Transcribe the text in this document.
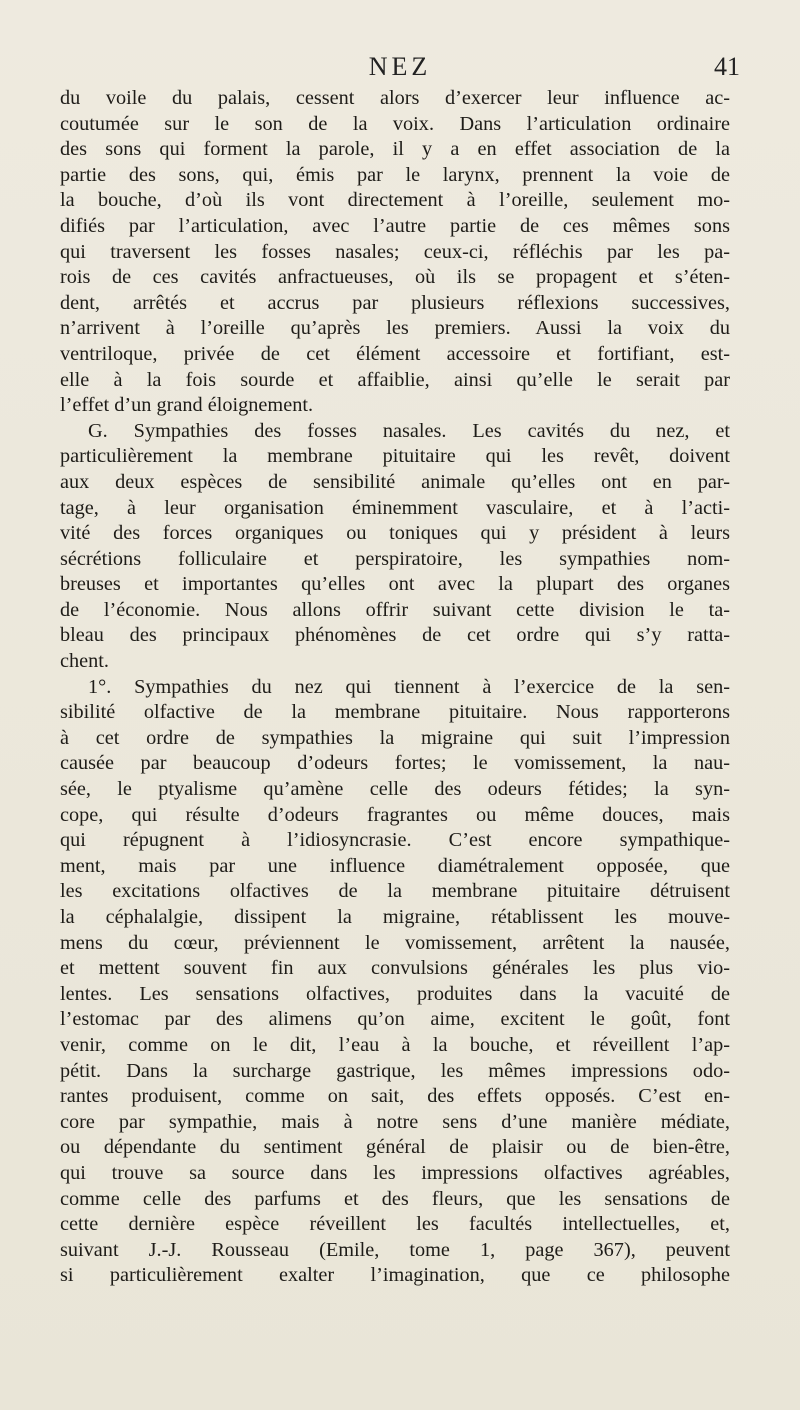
NEZ	41
du voile du palais, cessent alors d’exercer leur influence ac-
coutumée sur le son de la voix. Dans l’articulation ordinaire
des sons qui forment la parole, il y a en effet association de la
partie des sons, qui, émis par le larynx, prennent la voie de
la bouche, d’où ils vont directement à l’oreille, seulement mo-
difiés par l’articulation, avec l’autre partie de ces mêmes sons
qui traversent les fosses nasales; ceux-ci, réfléchis par les pa-
rois de ces cavités anfractueuses, où ils se propagent et s’éten-
dent, arrêtés et accrus par plusieurs réflexions successives,
n’arrivent à l’oreille qu’après les premiers. Aussi la voix du
ventriloque, privée de cet élément accessoire et fortifiant, est-
elle à la fois sourde et affaiblie, ainsi qu’elle le serait par
l’effet d’un grand éloignement.
G. Sympathies des fosses nasales. Les cavités du nez, et
particulièrement la membrane pituitaire qui les revêt, doivent
aux deux espèces de sensibilité animale qu’elles ont en par-
tage, à leur organisation éminemment vasculaire, et à l’acti-
vité des forces organiques ou toniques qui y président à leurs
sécrétions folliculaire et perspiratoire, les sympathies nom-
breuses et importantes qu’elles ont avec la plupart des organes
de l’économie. Nous allons offrir suivant cette division le ta-
bleau des principaux phénomènes de cet ordre qui s’y ratta-
chent.
1°. Sympathies du nez qui tiennent à l’exercice de la sen-
sibilité olfactive de la membrane pituitaire. Nous rapporterons
à cet ordre de sympathies la migraine qui suit l’impression
causée par beaucoup d’odeurs fortes; le vomissement, la nau-
sée, le ptyalisme qu’amène celle des odeurs fétides; la syn-
cope, qui résulte d’odeurs fragrantes ou même douces, mais
qui répugnent à l’idiosyncrasie. C’est encore sympathique-
ment, mais par une influence diamétralement opposée, que
les excitations olfactives de la membrane pituitaire détruisent
la céphalalgie, dissipent la migraine, rétablissent les mouve-
mens du cœur, préviennent le vomissement, arrêtent la nausée,
et mettent souvent fin aux convulsions générales les plus vio-
lentes. Les sensations olfactives, produites dans la vacuité de
l’estomac par des alimens qu’on aime, excitent le goût, font
venir, comme on le dit, l’eau à la bouche, et réveillent l’ap-
pétit. Dans la surcharge gastrique, les mêmes impressions odo-
rantes produisent, comme on sait, des effets opposés. C’est en-
core par sympathie, mais à notre sens d’une manière médiate,
ou dépendante du sentiment général de plaisir ou de bien-être,
qui trouve sa source dans les impressions olfactives agréables,
comme celle des parfums et des fleurs, que les sensations de
cette dernière espèce réveillent les facultés intellectuelles, et,
suivant J.-J. Rousseau (Emile, tome 1, page 367), peuvent
si particulièrement exalter l’imagination, que ce philosophe
